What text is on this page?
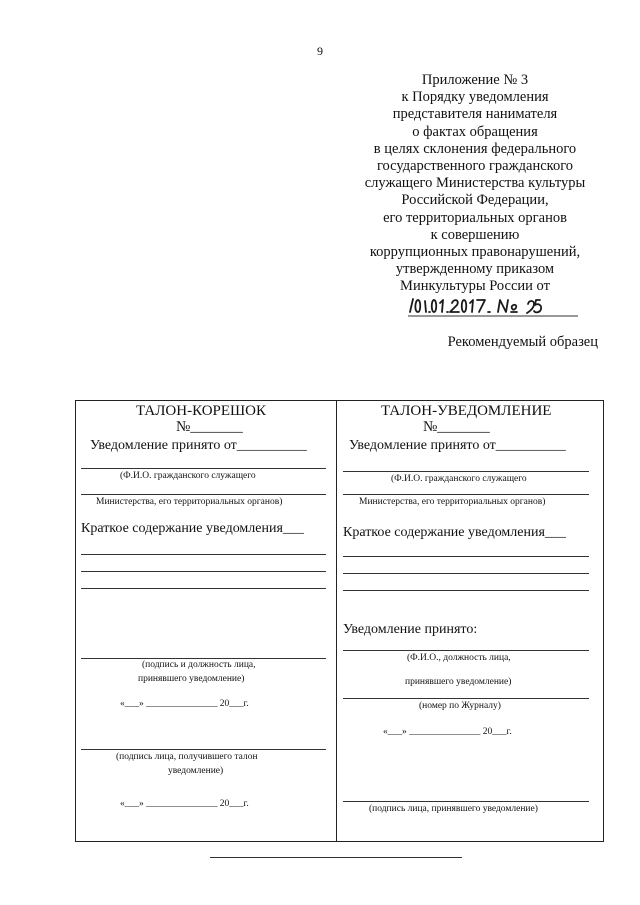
9
Приложение № 3
к Порядку уведомления
представителя нанимателя
о фактах обращения
в целях склонения федерального
государственного гражданского
служащего Министерства культуры
Российской Федерации,
его территориальных органов
к совершению
коррупционных правонарушений,
утвержденному приказом
Минкультуры России от
Рекомендуемый образец
ТАЛОН-КОРЕШОК
№_______
Уведомление принято от__________
(Ф.И.О. гражданского служащего
Министерства, его территориальных органов)
Краткое содержание уведомления___
(подпись и должность лица,
принявшего уведомление)
«___» _______________ 20___г.
(подпись лица, получившего талон
уведомление)
«___» _______________ 20___г.
ТАЛОН-УВЕДОМЛЕНИЕ
№_______
Уведомление принято от__________
(Ф.И.О. гражданского служащего
Министерства, его территориальных органов)
Краткое содержание уведомления___
Уведомление принято:
(Ф.И.О., должность лица,
принявшего уведомление)
(номер по Журналу)
«___» _______________ 20___г.
(подпись лица, принявшего уведомление)
